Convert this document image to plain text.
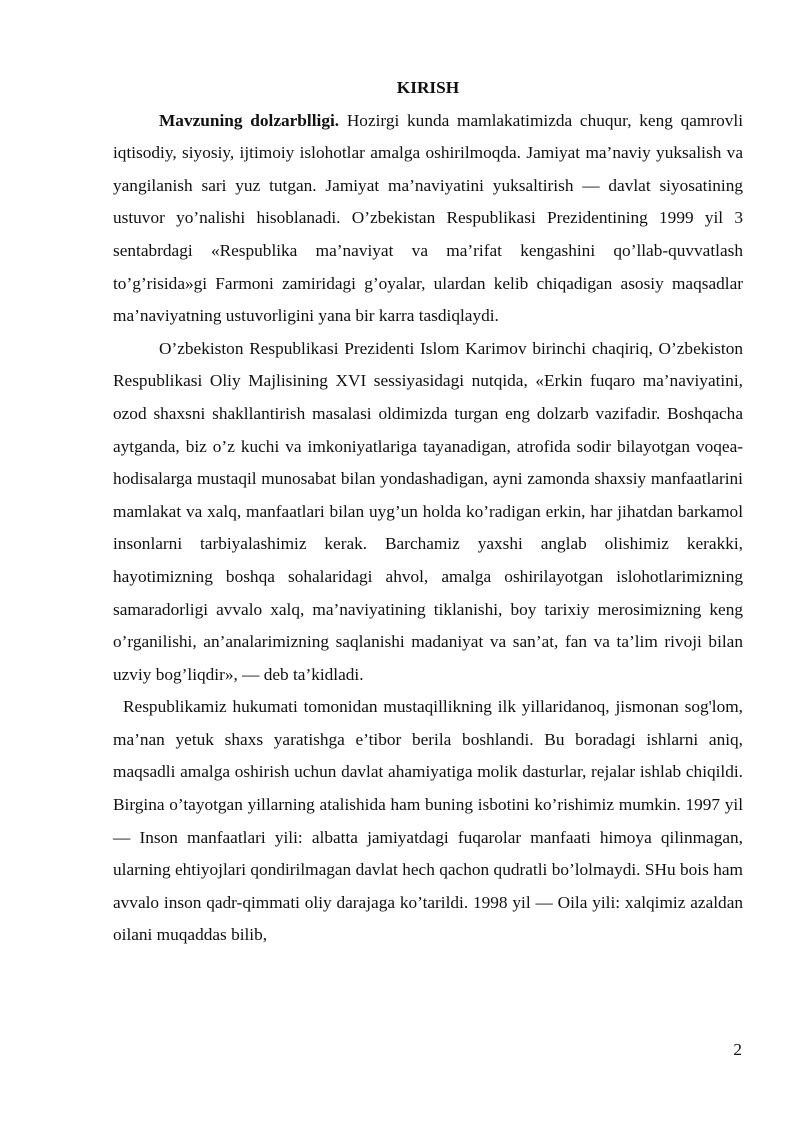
KIRISH

Mavzuning dolzarblligi. Hozirgi kunda mamlakatimizda chuqur, keng qamrovli iqtisodiy, siyosiy, ijtimoiy islohotlar amalga oshirilmoqda. Jamiyat ma’naviy yuksalish va yangilanish sari yuz tutgan. Jamiyat ma’naviyatini yuksaltirish — davlat siyosatining ustuvor yo’nalishi hisoblanadi. O’zbekistan Respublikasi Prezidentining 1999 yil 3 sentabrdagi «Respublika ma’naviyat va ma’rifat kengashini qo’llab-quvvatlash to’g’risida»gi Farmoni zamiridagi g’oyalar, ulardan kelib chiqadigan asosiy maqsadlar ma’naviyatning ustuvorligini yana bir karra tasdiqlaydi.

O’zbekiston Respublikasi Prezidenti Islom Karimov birinchi chaqiriq, O’zbekiston Respublikasi Oliy Majlisining XVI sessiyasidagi nutqida, «Erkin fuqaro ma’naviyatini, ozod shaxsni shakllantirish masalasi oldimizda turgan eng dolzarb vazifadir. Boshqacha aytganda, biz o’z kuchi va imkoniyatlariga tayanadigan, atrofida sodir bilayotgan voqea-hodisalarga mustaqil munosabat bilan yondashadigan, ayni zamonda shaxsiy manfaatlarini mamlakat va xalq, manfaatlari bilan uyg’un holda ko’radigan erkin, har jihatdan barkamol insonlarni tarbiyalashimiz kerak. Barchamiz yaxshi anglab olishimiz kerakki, hayotimizning boshqa sohalaridagi ahvol, amalga oshirilayotgan islohotlarimizning samaradorligi avvalo xalq, ma’naviyatining tiklanishi, boy tarixiy merosimizning keng o’rganilishi, an’analarimizning saqlanishi madaniyat va san’at, fan va ta’lim rivoji bilan uzviy bog’liqdir», — deb ta’kidladi.

Respublikamiz hukumati tomonidan mustaqillikning ilk yillaridanoq, jismonan sog'lom, ma’nan yetuk shaxs yaratishga e’tibor berila boshlandi. Bu boradagi ishlarni aniq, maqsadli amalga oshirish uchun davlat ahamiyatiga molik dasturlar, rejalar ishlab chiqildi. Birgina o’tayotgan yillarning atalishida ham buning isbotini ko’rishimiz mumkin. 1997 yil — Inson manfaatlari yili: albatta jamiyatdagi fuqarolar manfaati himoya qilinmagan, ularning ehtiyojlari qondirilmagan davlat hech qachon qudratli bo’lolmaydi. SHu bois ham avvalo inson qadr-qimmati oliy darajaga ko’tarildi. 1998 yil — Oila yili: xalqimiz azaldan oilani muqaddas bilib,

2
